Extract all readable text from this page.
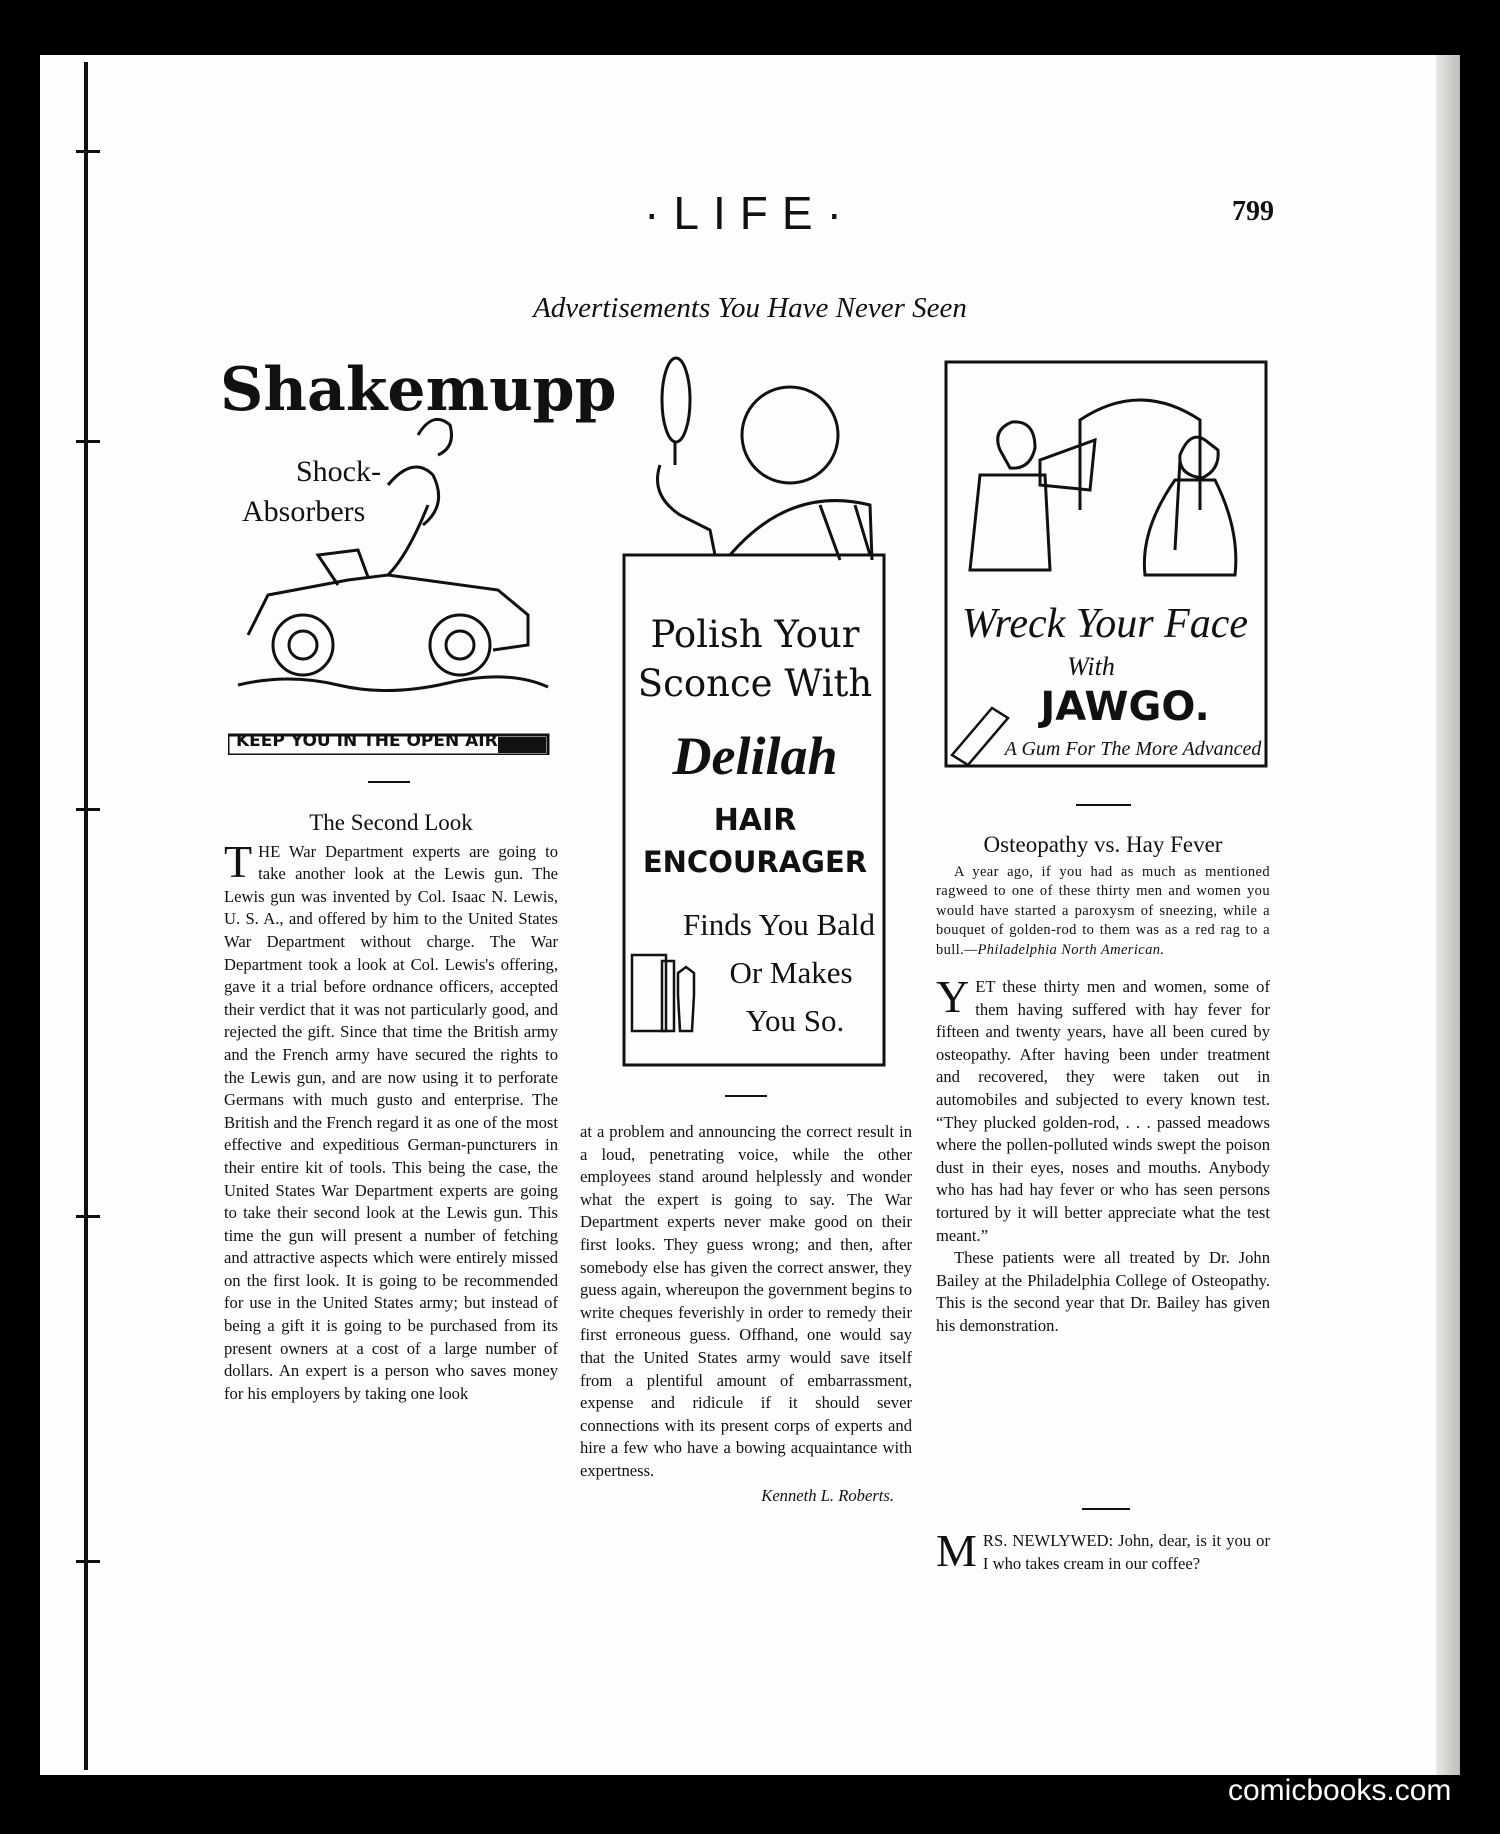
·LIFE·	799
Advertisements You Have Never Seen
Shakemupp
Shock-
Absorbers
KEEP YOU IN THE OPEN AIR.
Polish Your
Sconce With
Delilah
HAIR
ENCOURAGER
Finds You Bald
Or Makes
You So.
Wreck Your Face
With
JAWGO.
A Gum For The More Advanced
The Second Look

THE War Department experts are going to take another look at the Lewis gun. The Lewis gun was invented by Col. Isaac N. Lewis, U. S. A., and offered by him to the United States War Department without charge. The War Department took a look at Col. Lewis's offering, gave it a trial before ordnance officers, accepted their verdict that it was not particularly good, and rejected the gift. Since that time the British army and the French army have secured the rights to the Lewis gun, and are now using it to perforate Germans with much gusto and enterprise. The British and the French regard it as one of the most effective and expeditious German-puncturers in their entire kit of tools. This being the case, the United States War Department experts are going to take their second look at the Lewis gun. This time the gun will present a number of fetching and attractive aspects which were entirely missed on the first look. It is going to be recommended for use in the United States army; but instead of being a gift it is going to be purchased from its present owners at a cost of a large number of dollars. An expert is a person who saves money for his employers by taking one look

at a problem and announcing the correct result in a loud, penetrating voice, while the other employees stand around helplessly and wonder what the expert is going to say. The War Department experts never make good on their first looks. They guess wrong; and then, after somebody else has given the correct answer, they guess again, whereupon the government begins to write cheques feverishly in order to remedy their first erroneous guess. Offhand, one would say that the United States army would save itself from a plentiful amount of embarrassment, expense and ridicule if it should sever connections with its present corps of experts and hire a few who have a bowing acquaintance with expertness.

Kenneth L. Roberts.
Osteopathy vs. Hay Fever
A year ago, if you had as much as mentioned ragweed to one of these thirty men and women you would have started a paroxysm of sneezing, while a bouquet of golden-rod to them was as a red rag to a bull.—Philadelphia North American.

YET these thirty men and women, some of them having suffered with hay fever for fifteen and twenty years, have all been cured by osteopathy. After having been under treatment and recovered, they were taken out in automobiles and subjected to every known test. “They plucked golden-rod, . . . passed meadows where the pollen-polluted winds swept the poison dust in their eyes, noses and mouths. Anybody who has had hay fever or who has seen persons tortured by it will better appreciate what the test meant.”

These patients were all treated by Dr. John Bailey at the Philadelphia College of Osteopathy. This is the second year that Dr. Bailey has given his demonstration.

MRS. NEWLYWED: John, dear, is it you or I who takes cream in our coffee?

comicbooks.com
